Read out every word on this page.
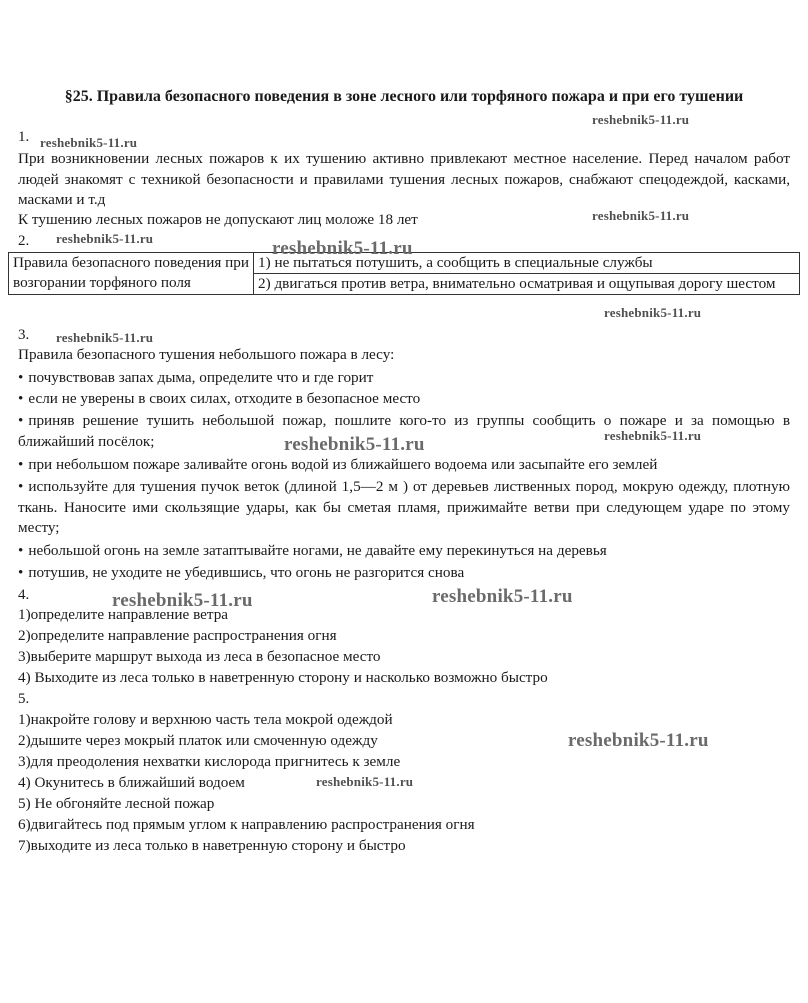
§25. Правила безопасного поведения в зоне лесного или торфяного пожара и при его тушении
1.
При возникновении лесных пожаров к их тушению активно привлекают местное население. Перед началом работ людей знакомят с техникой безопасности и правилами тушения лесных пожаров, снабжают спецодеждой, касками, масками и т.д
К тушению лесных пожаров не допускают лиц моложе 18 лет
2.
Правила безопасного поведения при возгорании торфяного поля	1) не пытаться потушить, а сообщить в специальные службы
2) двигаться против ветра, внимательно осматривая и ощупывая дорогу шестом
3.
Правила безопасного тушения небольшого пожара в лесу:
• почувствовав запах дыма, определите что и где горит
• если не уверены в своих силах, отходите в безопасное место
• приняв решение тушить небольшой пожар, пошлите кого-то из группы сообщить о пожаре и за помощью в ближайший посёлок;
• при небольшом пожаре заливайте огонь водой из ближайшего водоема или засыпайте его землей
• используйте для тушения пучок веток (длиной 1,5—2 м ) от деревьев лиственных пород, мокрую одежду, плотную ткань. Наносите ими скользящие удары, как бы сметая пламя, прижимайте ветви при следующем ударе по этому месту;
• небольшой огонь на земле затаптывайте ногами, не давайте ему перекинуться на деревья
• потушив, не уходите не убедившись, что огонь не разгорится снова
4.
1)определите направление ветра
2)определите направление распространения огня
3)выберите маршрут выхода из леса в безопасное место
4) Выходите из леса только в наветренную сторону и насколько возможно быстро
5.
1)накройте голову и верхнюю часть тела мокрой одеждой
2)дышите через мокрый платок или смоченную одежду
3)для преодоления нехватки кислорода пригнитесь к земле
4) Окунитесь в ближайший водоем
5) Не обгоняйте лесной пожар
6)двигайтесь под прямым углом к направлению распространения огня
7)выходите из леса только в наветренную сторону и быстро
reshebnik5-11.ru
reshebnik5-11.ru
reshebnik5-11.ru
reshebnik5-11.ru	reshebnik5-11.ru
reshebnik5-11.ru
reshebnik5-11.ru
reshebnik5-11.ru	reshebnik5-11.ru
reshebnik5-11.ru	reshebnik5-11.ru
reshebnik5-11.ru
reshebnik5-11.ru
